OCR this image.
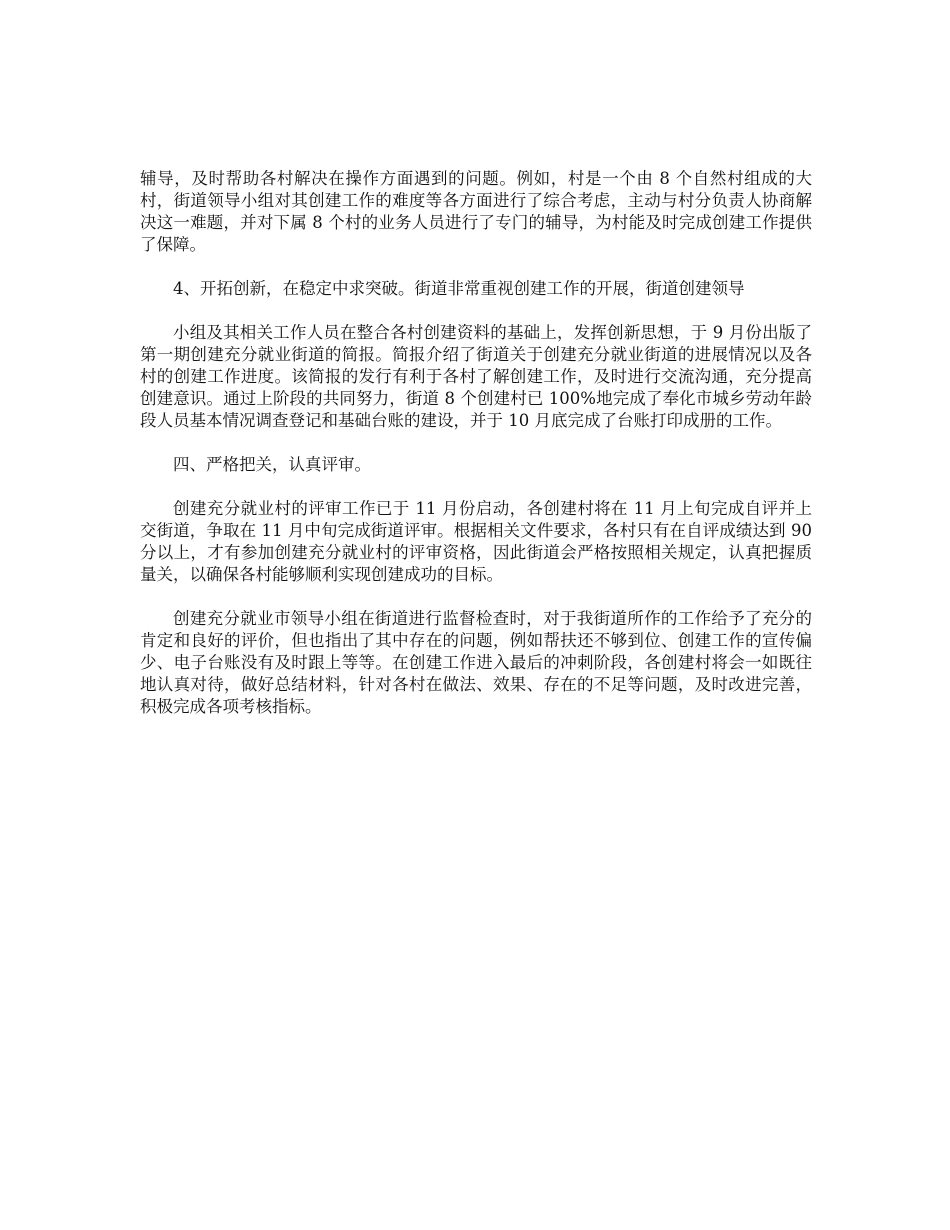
辅导，及时帮助各村解决在操作方面遇到的问题。例如，村是一个由 8 个自然村组成的大村，街道领导小组对其创建工作的难度等各方面进行了综合考虑，主动与村分负责人协商解决这一难题，并对下属 8 个村的业务人员进行了专门的辅导，为村能及时完成创建工作提供了保障。

4、开拓创新，在稳定中求突破。街道非常重视创建工作的开展，街道创建领导

小组及其相关工作人员在整合各村创建资料的基础上，发挥创新思想，于 9 月份出版了第一期创建充分就业街道的简报。简报介绍了街道关于创建充分就业街道的进展情况以及各村的创建工作进度。该简报的发行有利于各村了解创建工作，及时进行交流沟通，充分提高创建意识。通过上阶段的共同努力，街道 8 个创建村已 100%地完成了奉化市城乡劳动年龄段人员基本情况调查登记和基础台账的建设，并于 10 月底完成了台账打印成册的工作。

四、严格把关，认真评审。

创建充分就业村的评审工作已于 11 月份启动，各创建村将在 11 月上旬完成自评并上交街道，争取在 11 月中旬完成街道评审。根据相关文件要求，各村只有在自评成绩达到 90 分以上，才有参加创建充分就业村的评审资格，因此街道会严格按照相关规定，认真把握质量关，以确保各村能够顺利实现创建成功的目标。

创建充分就业市领导小组在街道进行监督检查时，对于我街道所作的工作给予了充分的肯定和良好的评价，但也指出了其中存在的问题，例如帮扶还不够到位、创建工作的宣传偏少、电子台账没有及时跟上等等。在创建工作进入最后的冲刺阶段，各创建村将会一如既往地认真对待，做好总结材料，针对各村在做法、效果、存在的不足等问题，及时改进完善，积极完成各项考核指标。
